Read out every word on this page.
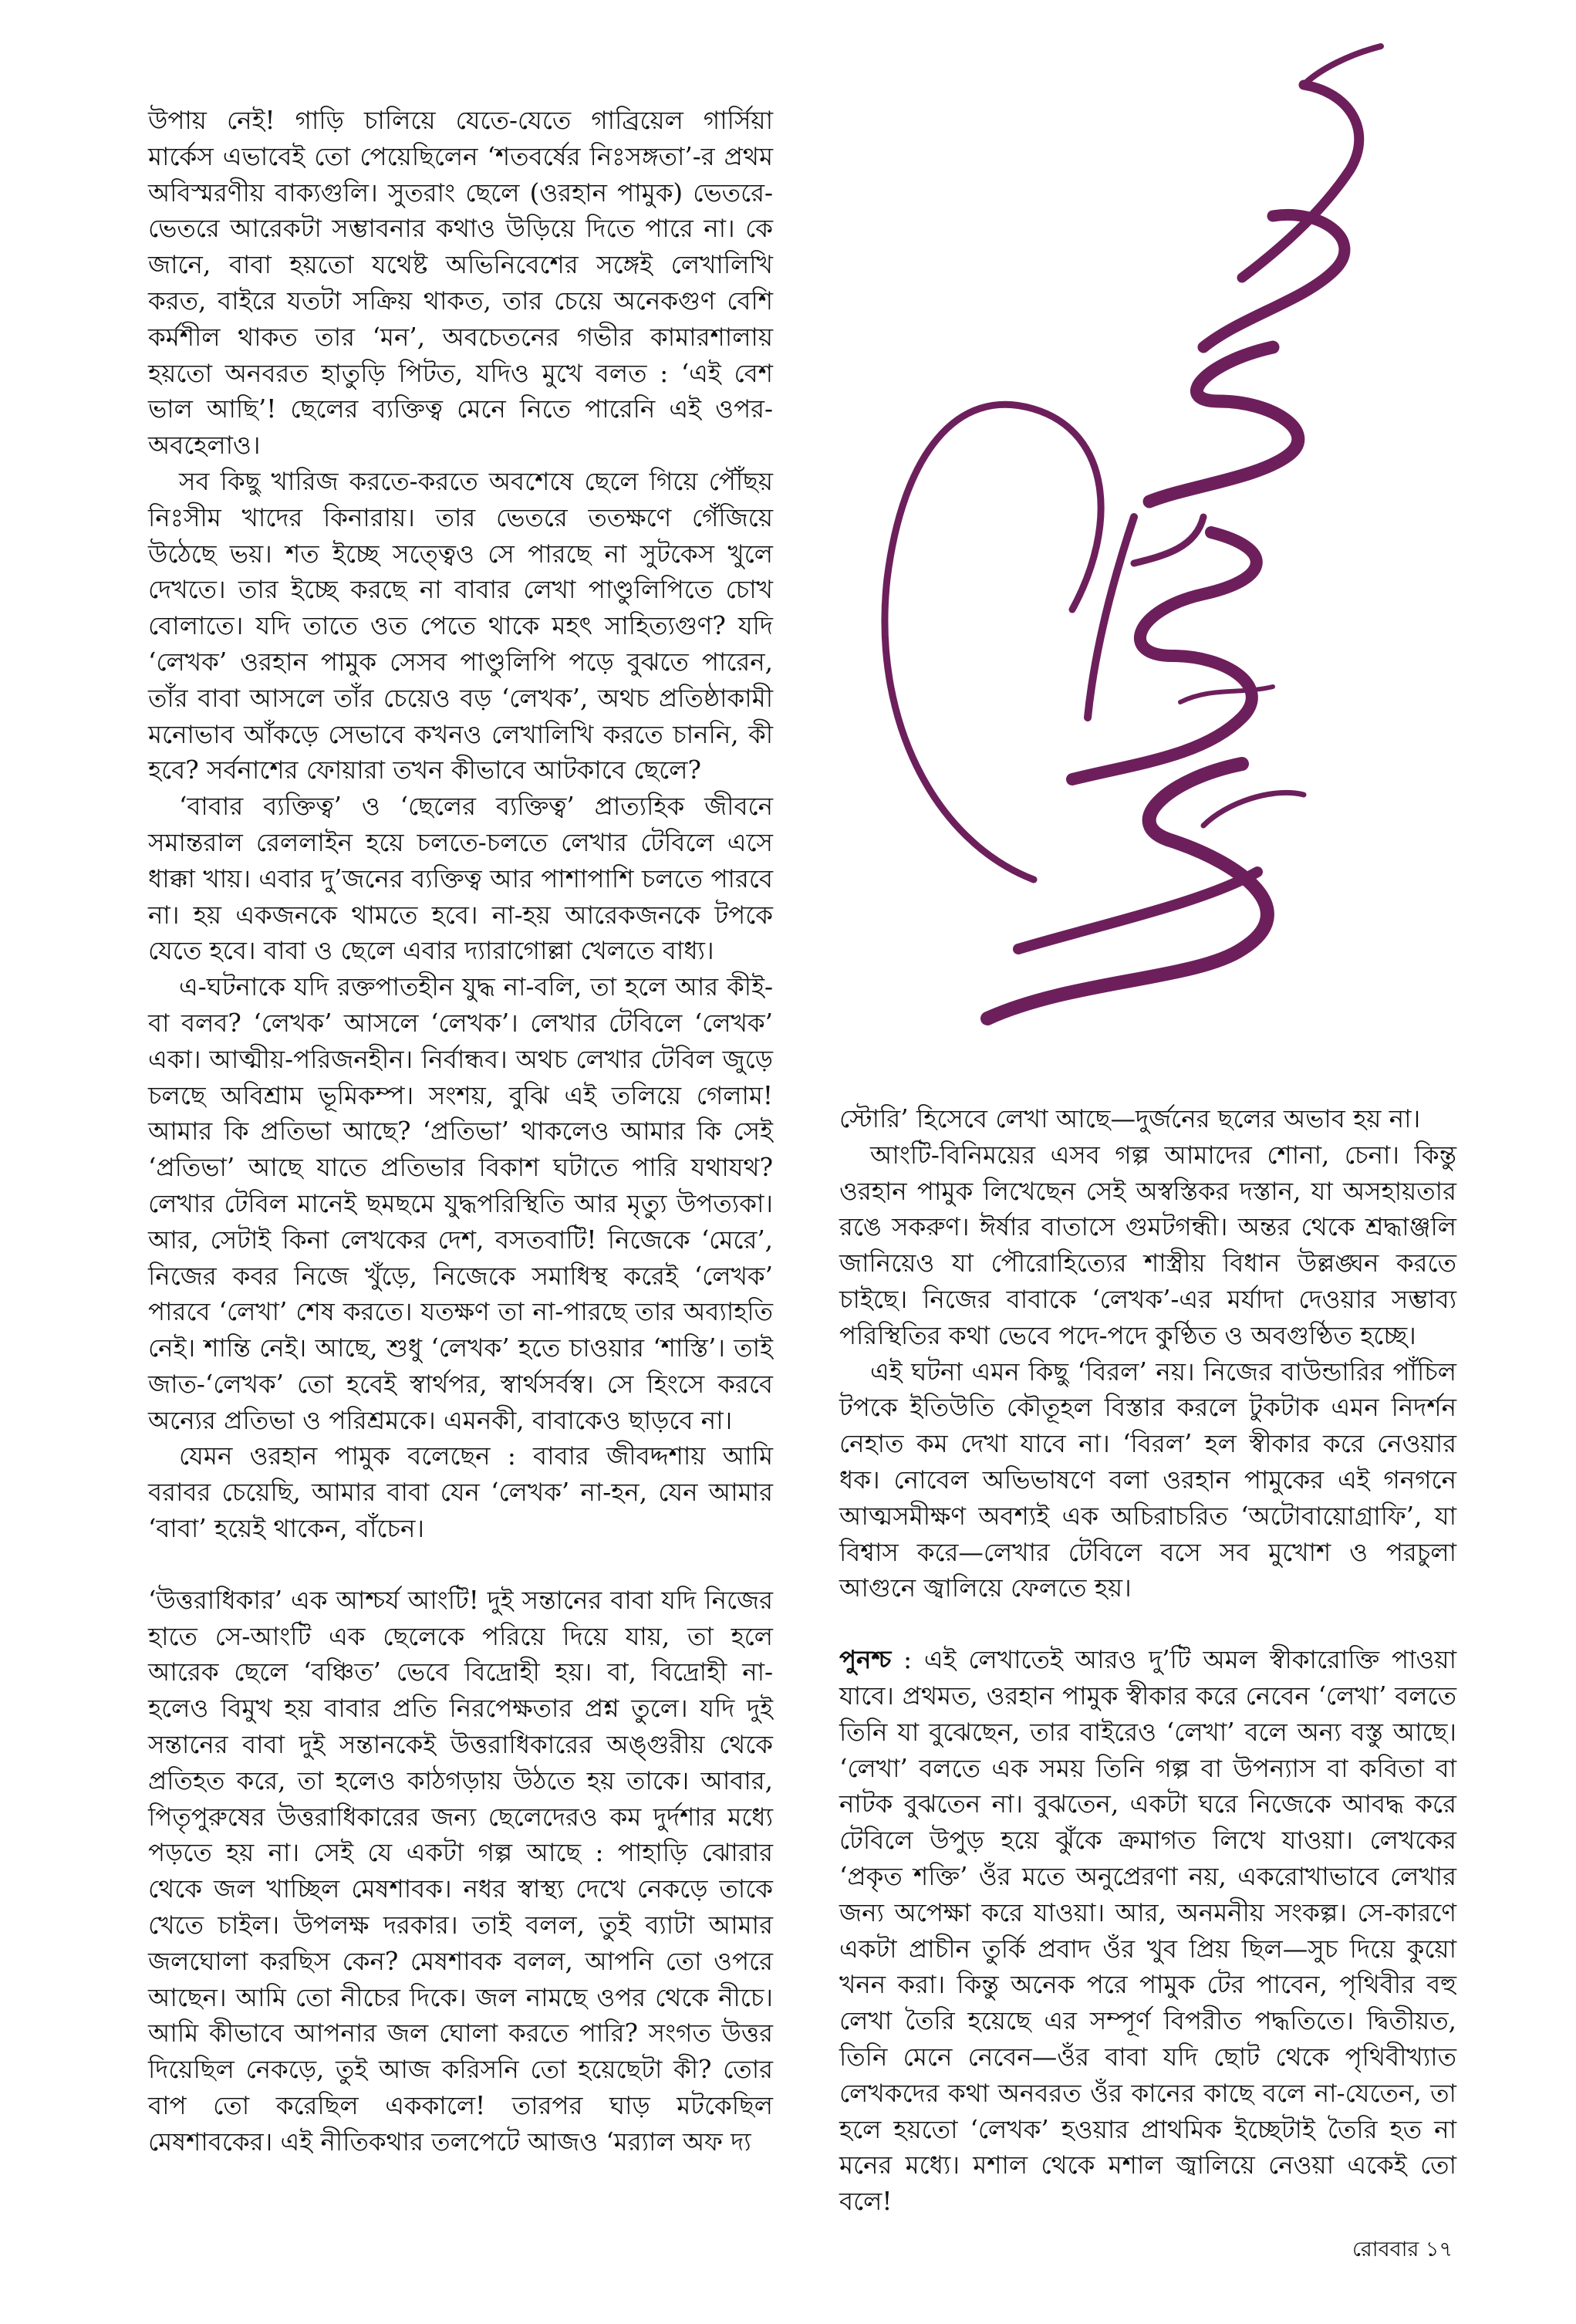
উপায় নেই! গাড়ি চালিয়ে যেতে-যেতে গাব্রিয়েল গার্সিয়া মার্কেস এভাবেই তো পেয়েছিলেন ‘শতবর্ষের নিঃসঙ্গতা’-র প্রথম অবিস্মরণীয় বাক্যগুলি। সুতরাং ছেলে (ওরহান পামুক) ভেতরে-ভেতরে আরেকটা সম্ভাবনার কথাও উড়িয়ে দিতে পারে না। কে জানে, বাবা হয়তো যথেষ্ট অভিনিবেশের সঙ্গেই লেখালিখি করত, বাইরে যতটা সক্রিয় থাকত, তার চেয়ে অনেকগুণ বেশি কর্মশীল থাকত তার ‘মন’, অবচেতনের গভীর কামারশালায় হয়তো অনবরত হাতুড়ি পিটত, যদিও মুখে বলত : ‘এই বেশ ভাল আছি’! ছেলের ব্যক্তিত্ব মেনে নিতে পারেনি এই ওপর-অবহেলাও।

সব কিছু খারিজ করতে-করতে অবশেষে ছেলে গিয়ে পৌঁছয় নিঃসীম খাদের কিনারায়। তার ভেতরে ততক্ষণে গেঁজিয়ে উঠেছে ভয়। শত ইচ্ছে সত্ত্বেও সে পারছে না সুটকেস খুলে দেখতে। তার ইচ্ছে করছে না বাবার লেখা পাণ্ডুলিপিতে চোখ বোলাতে। যদি তাতে ওত পেতে থাকে মহৎ সাহিত্যগুণ? যদি ‘লেখক’ ওরহান পামুক সেসব পাণ্ডুলিপি পড়ে বুঝতে পারেন, তাঁর বাবা আসলে তাঁর চেয়েও বড় ‘লেখক’, অথচ প্রতিষ্ঠাকামী মনোভাব আঁকড়ে সেভাবে কখনও লেখালিখি করতে চাননি, কী হবে? সর্বনাশের ফোয়ারা তখন কীভাবে আটকাবে ছেলে?

‘বাবার ব্যক্তিত্ব’ ও ‘ছেলের ব্যক্তিত্ব’ প্রাত্যহিক জীবনে সমান্তরাল রেললাইন হয়ে চলতে-চলতে লেখার টেবিলে এসে ধাক্কা খায়। এবার দু’জনের ব্যক্তিত্ব আর পাশাপাশি চলতে পারবে না। হয় একজনকে থামতে হবে। না-হয় আরেকজনকে টপকে যেতে হবে। বাবা ও ছেলে এবার দ্যারাগোল্লা খেলতে বাধ্য।

এ-ঘটনাকে যদি রক্তপাতহীন যুদ্ধ না-বলি, তা হলে আর কীই-বা বলব? ‘লেখক’ আসলে ‘লেখক’। লেখার টেবিলে ‘লেখক’ একা। আত্মীয়-পরিজনহীন। নির্বান্ধব। অথচ লেখার টেবিল জুড়ে চলছে অবিশ্রাম ভূমিকম্প। সংশয়, বুঝি এই তলিয়ে গেলাম! আমার কি প্রতিভা আছে? ‘প্রতিভা’ থাকলেও আমার কি সেই ‘প্রতিভা’ আছে যাতে প্রতিভার বিকাশ ঘটাতে পারি যথাযথ? লেখার টেবিল মানেই ছমছমে যুদ্ধপরিস্থিতি আর মৃত্যু উপত্যকা। আর, সেটাই কিনা লেখকের দেশ, বসতবাটি! নিজেকে ‘মেরে’, নিজের কবর নিজে খুঁড়ে, নিজেকে সমাধিস্থ করেই ‘লেখক’ পারবে ‘লেখা’ শেষ করতে। যতক্ষণ তা না-পারছে তার অব্যাহতি নেই। শান্তি নেই। আছে, শুধু ‘লেখক’ হতে চাওয়ার ‘শাস্তি’। তাই জাত-‘লেখক’ তো হবেই স্বার্থপর, স্বার্থসর্বস্ব। সে হিংসে করবে অন্যের প্রতিভা ও পরিশ্রমকে। এমনকী, বাবাকেও ছাড়বে না।

যেমন ওরহান পামুক বলেছেন : বাবার জীবদ্দশায় আমি বরাবর চেয়েছি, আমার বাবা যেন ‘লেখক’ না-হন, যেন আমার ‘বাবা’ হয়েই থাকেন, বাঁচেন।

‘উত্তরাধিকার’ এক আশ্চর্য আংটি! দুই সন্তানের বাবা যদি নিজের হাতে সে-আংটি এক ছেলেকে পরিয়ে দিয়ে যায়, তা হলে আরেক ছেলে ‘বঞ্চিত’ ভেবে বিদ্রোহী হয়। বা, বিদ্রোহী না-হলেও বিমুখ হয় বাবার প্রতি নিরপেক্ষতার প্রশ্ন তুলে। যদি দুই সন্তানের বাবা দুই সন্তানকেই উত্তরাধিকারের অঙ্গুরীয় থেকে প্রতিহত করে, তা হলেও কাঠগড়ায় উঠতে হয় তাকে। আবার, পিতৃপুরুষের উত্তরাধিকারের জন্য ছেলেদেরও কম দুর্দশার মধ্যে পড়তে হয় না। সেই যে একটা গল্প আছে : পাহাড়ি ঝোরার থেকে জল খাচ্ছিল মেষশাবক। নধর স্বাস্থ্য দেখে নেকড়ে তাকে খেতে চাইল। উপলক্ষ দরকার। তাই বলল, তুই ব্যাটা আমার জলঘোলা করছিস কেন? মেষশাবক বলল, আপনি তো ওপরে আছেন। আমি তো নীচের দিকে। জল নামছে ওপর থেকে নীচে। আমি কীভাবে আপনার জল ঘোলা করতে পারি? সংগত উত্তর দিয়েছিল নেকড়ে, তুই আজ করিসনি তো হয়েছেটা কী? তোর বাপ তো করেছিল এককালে! তারপর ঘাড় মটকেছিল মেষশাবকের। এই নীতিকথার তলপেটে আজও ‘মর‍্যাল অফ দ্য

স্টোরি’ হিসেবে লেখা আছে—দুর্জনের ছলের অভাব হয় না।

আংটি-বিনিময়ের এসব গল্প আমাদের শোনা, চেনা। কিন্তু ওরহান পামুক লিখেছেন সেই অস্বস্তিকর দস্তান, যা অসহায়তার রঙে সকরুণ। ঈর্ষার বাতাসে গুমটগন্ধী। অন্তর থেকে শ্রদ্ধাঞ্জলি জানিয়েও যা পৌরোহিত্যের শাস্ত্রীয় বিধান উল্লঙ্ঘন করতে চাইছে। নিজের বাবাকে ‘লেখক’-এর মর্যাদা দেওয়ার সম্ভাব্য পরিস্থিতির কথা ভেবে পদে-পদে কুণ্ঠিত ও অবগুণ্ঠিত হচ্ছে।

এই ঘটনা এমন কিছু ‘বিরল’ নয়। নিজের বাউন্ডারির পাঁচিল টপকে ইতিউতি কৌতূহল বিস্তার করলে টুকটাক এমন নিদর্শন নেহাত কম দেখা যাবে না। ‘বিরল’ হল স্বীকার করে নেওয়ার ধক। নোবেল অভিভাষণে বলা ওরহান পামুকের এই গনগনে আত্মসমীক্ষণ অবশ্যই এক অচিরাচরিত ‘অটোবায়োগ্রাফি’, যা বিশ্বাস করে—লেখার টেবিলে বসে সব মুখোশ ও পরচুলা আগুনে জ্বালিয়ে ফেলতে হয়।

পুনশ্চ : এই লেখাতেই আরও দু’টি অমল স্বীকারোক্তি পাওয়া যাবে। প্রথমত, ওরহান পামুক স্বীকার করে নেবেন ‘লেখা’ বলতে তিনি যা বুঝেছেন, তার বাইরেও ‘লেখা’ বলে অন্য বস্তু আছে। ‘লেখা’ বলতে এক সময় তিনি গল্প বা উপন্যাস বা কবিতা বা নাটক বুঝতেন না। বুঝতেন, একটা ঘরে নিজেকে আবদ্ধ করে টেবিলে উপুড় হয়ে ঝুঁকে ক্রমাগত লিখে যাওয়া। লেখকের ‘প্রকৃত শক্তি’ ওঁর মতে অনুপ্রেরণা নয়, একরোখাভাবে লেখার জন্য অপেক্ষা করে যাওয়া। আর, অনমনীয় সংকল্প। সে-কারণে একটা প্রাচীন তুর্কি প্রবাদ ওঁর খুব প্রিয় ছিল—সুচ দিয়ে কুয়ো খনন করা। কিন্তু অনেক পরে পামুক টের পাবেন, পৃথিবীর বহু লেখা তৈরি হয়েছে এর সম্পূর্ণ বিপরীত পদ্ধতিতে। দ্বিতীয়ত, তিনি মেনে নেবেন—ওঁর বাবা যদি ছোট থেকে পৃথিবীখ্যাত লেখকদের কথা অনবরত ওঁর কানের কাছে বলে না-যেতেন, তা হলে হয়তো ‘লেখক’ হওয়ার প্রাথমিক ইচ্ছেটাই তৈরি হত না মনের মধ্যে। মশাল থেকে মশাল জ্বালিয়ে নেওয়া একেই তো বলে!

রোববার ১৭
